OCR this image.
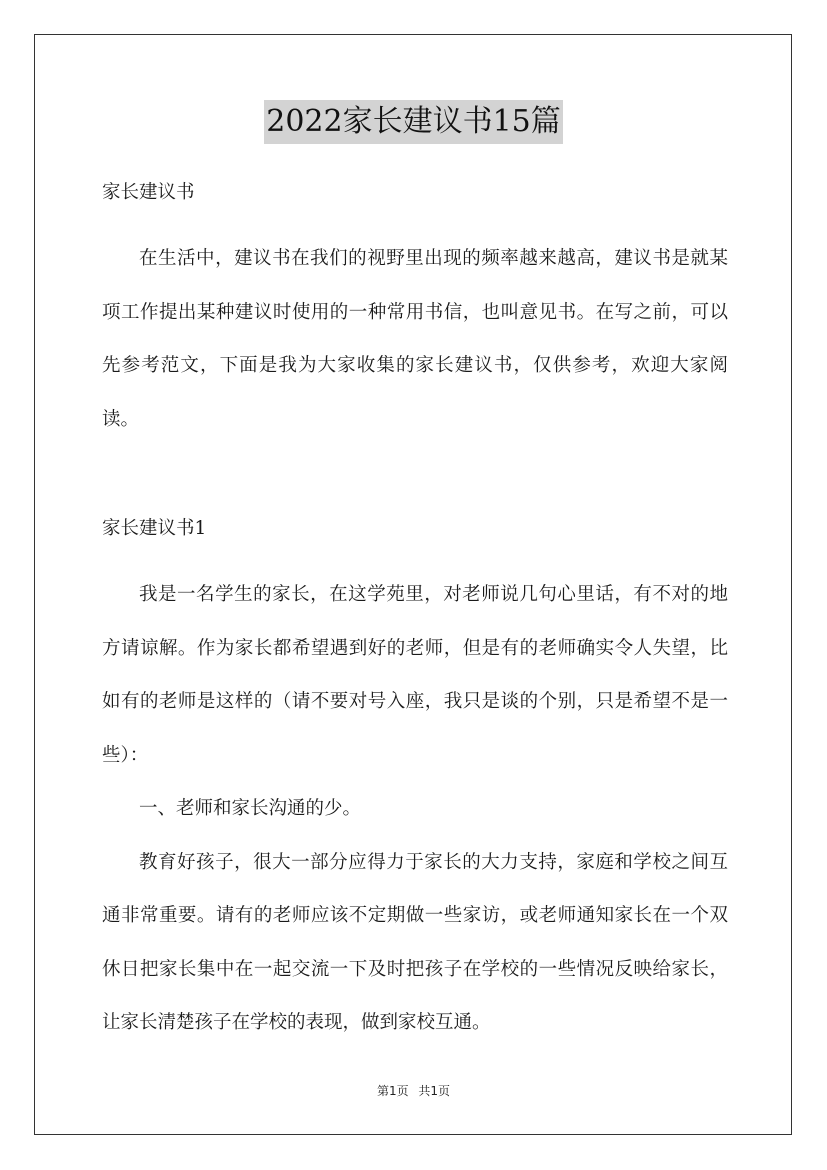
2022家长建议书15篇

家长建议书

在生活中，建议书在我们的视野里出现的频率越来越高，建议书是就某项工作提出某种建议时使用的一种常用书信，也叫意见书。在写之前，可以先参考范文，下面是我为大家收集的家长建议书，仅供参考，欢迎大家阅读。

家长建议书1

我是一名学生的家长，在这学苑里，对老师说几句心里话，有不对的地方请谅解。作为家长都希望遇到好的老师，但是有的老师确实令人失望，比如有的老师是这样的（请不要对号入座，我只是谈的个别，只是希望不是一些）：

一、老师和家长沟通的少。

教育好孩子，很大一部分应得力于家长的大力支持，家庭和学校之间互通非常重要。请有的老师应该不定期做一些家访，或老师通知家长在一个双休日把家长集中在一起交流一下及时把孩子在学校的一些情况反映给家长，让家长清楚孩子在学校的表现，做到家校互通。

第1页 共1页
